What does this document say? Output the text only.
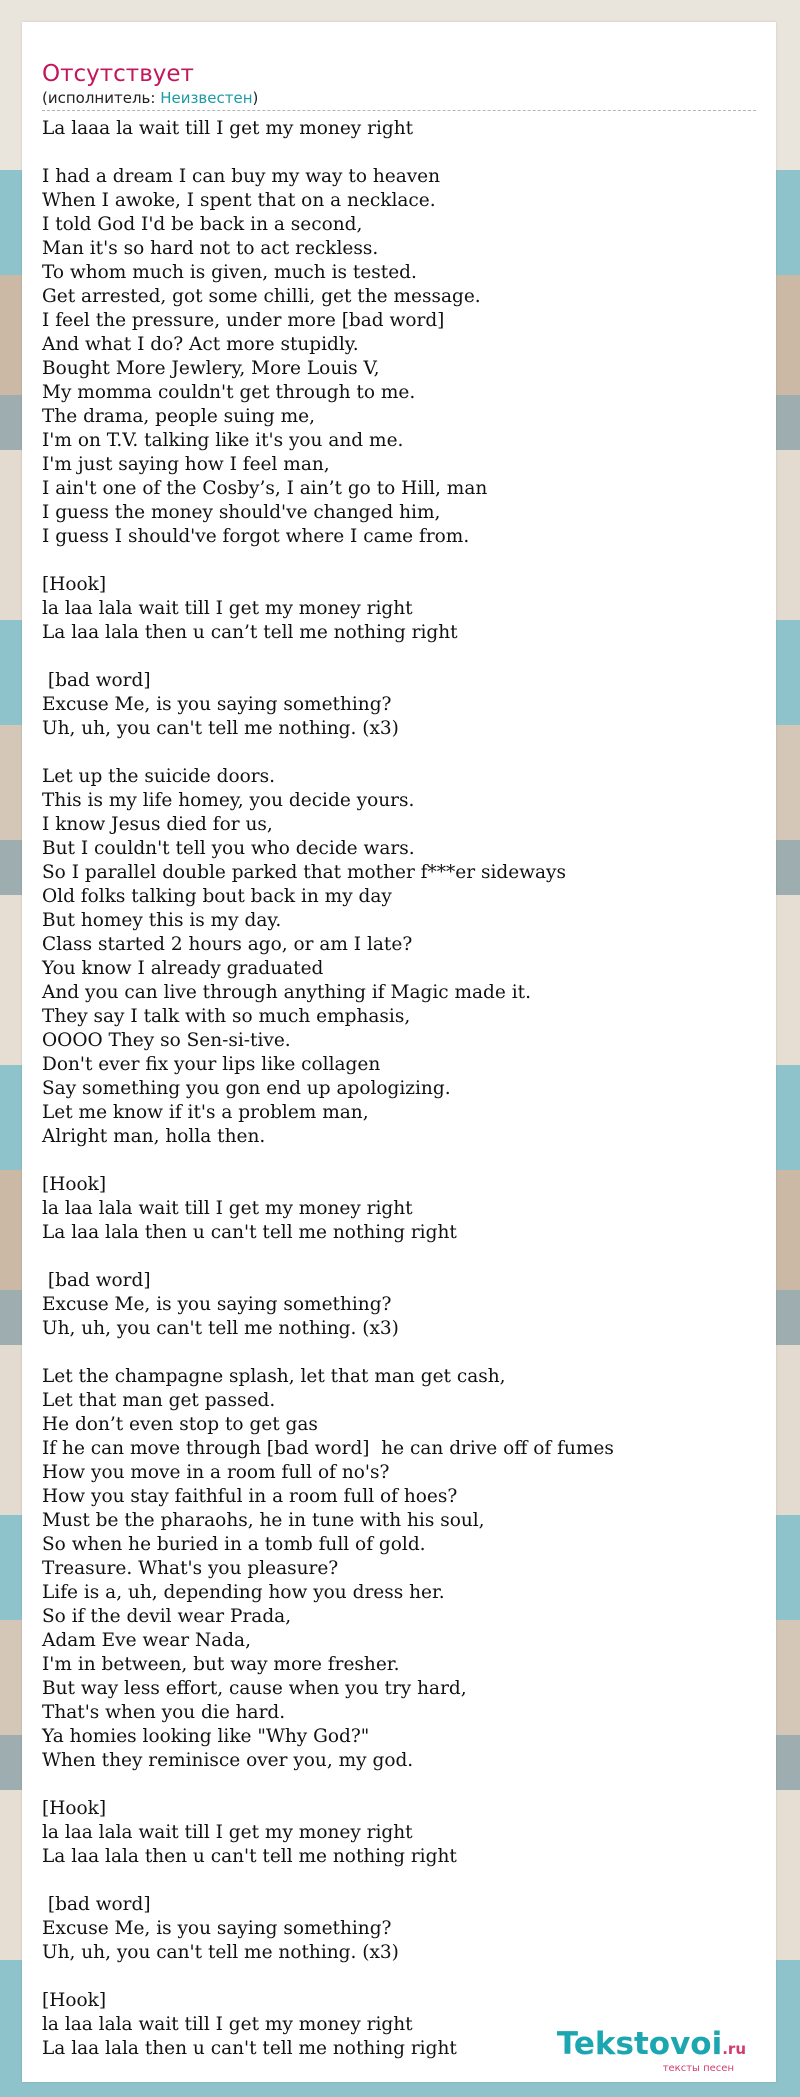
Отсутствует
(исполнитель: Неизвестен)
La laaa la wait till I get my money right
I had a dream I can buy my way to heaven
When I awoke, I spent that on a necklace.
I told God I'd be back in a second,
Man it's so hard not to act reckless.
To whom much is given, much is tested.
Get arrested, got some chilli, get the message.
I feel the pressure, under more [bad word]
And what I do? Act more stupidly.
Bought More Jewlery, More Louis V,
My momma couldn't get through to me.
The drama, people suing me,
I'm on T.V. talking like it's you and me.
I'm just saying how I feel man,
I ain't one of the Cosby’s, I ain’t go to Hill, man
I guess the money should've changed him,
I guess I should've forgot where I came from.
[Hook]
la laa lala wait till I get my money right
La laa lala then u can’t tell me nothing right
[bad word]
Excuse Me, is you saying something?
Uh, uh, you can't tell me nothing. (x3)
Let up the suicide doors.
This is my life homey, you decide yours.
I know Jesus died for us,
But I couldn't tell you who decide wars.
So I parallel double parked that mother f***er sideways
Old folks talking bout back in my day
But homey this is my day.
Class started 2 hours ago, or am I late?
You know I already graduated
And you can live through anything if Magic made it.
They say I talk with so much emphasis,
OOOO They so Sen-si-tive.
Don't ever fix your lips like collagen
Say something you gon end up apologizing.
Let me know if it's a problem man,
Alright man, holla then.
[Hook]
la laa lala wait till I get my money right
La laa lala then u can't tell me nothing right
[bad word]
Excuse Me, is you saying something?
Uh, uh, you can't tell me nothing. (x3)
Let the champagne splash, let that man get cash,
Let that man get passed.
He don’t even stop to get gas
If he can move through [bad word]  he can drive off of fumes
How you move in a room full of no's?
How you stay faithful in a room full of hoes?
Must be the pharaohs, he in tune with his soul,
So when he buried in a tomb full of gold.
Treasure. What's you pleasure?
Life is a, uh, depending how you dress her.
So if the devil wear Prada,
Adam Eve wear Nada,
I'm in between, but way more fresher.
But way less effort, cause when you try hard,
That's when you die hard.
Ya homies looking like "Why God?"
When they reminisce over you, my god.
[Hook]
la laa lala wait till I get my money right
La laa lala then u can't tell me nothing right
[bad word]
Excuse Me, is you saying something?
Uh, uh, you can't tell me nothing. (x3)
[Hook]
la laa lala wait till I get my money right
La laa lala then u can't tell me nothing right	Tekstovoi.ru
тексты песен
